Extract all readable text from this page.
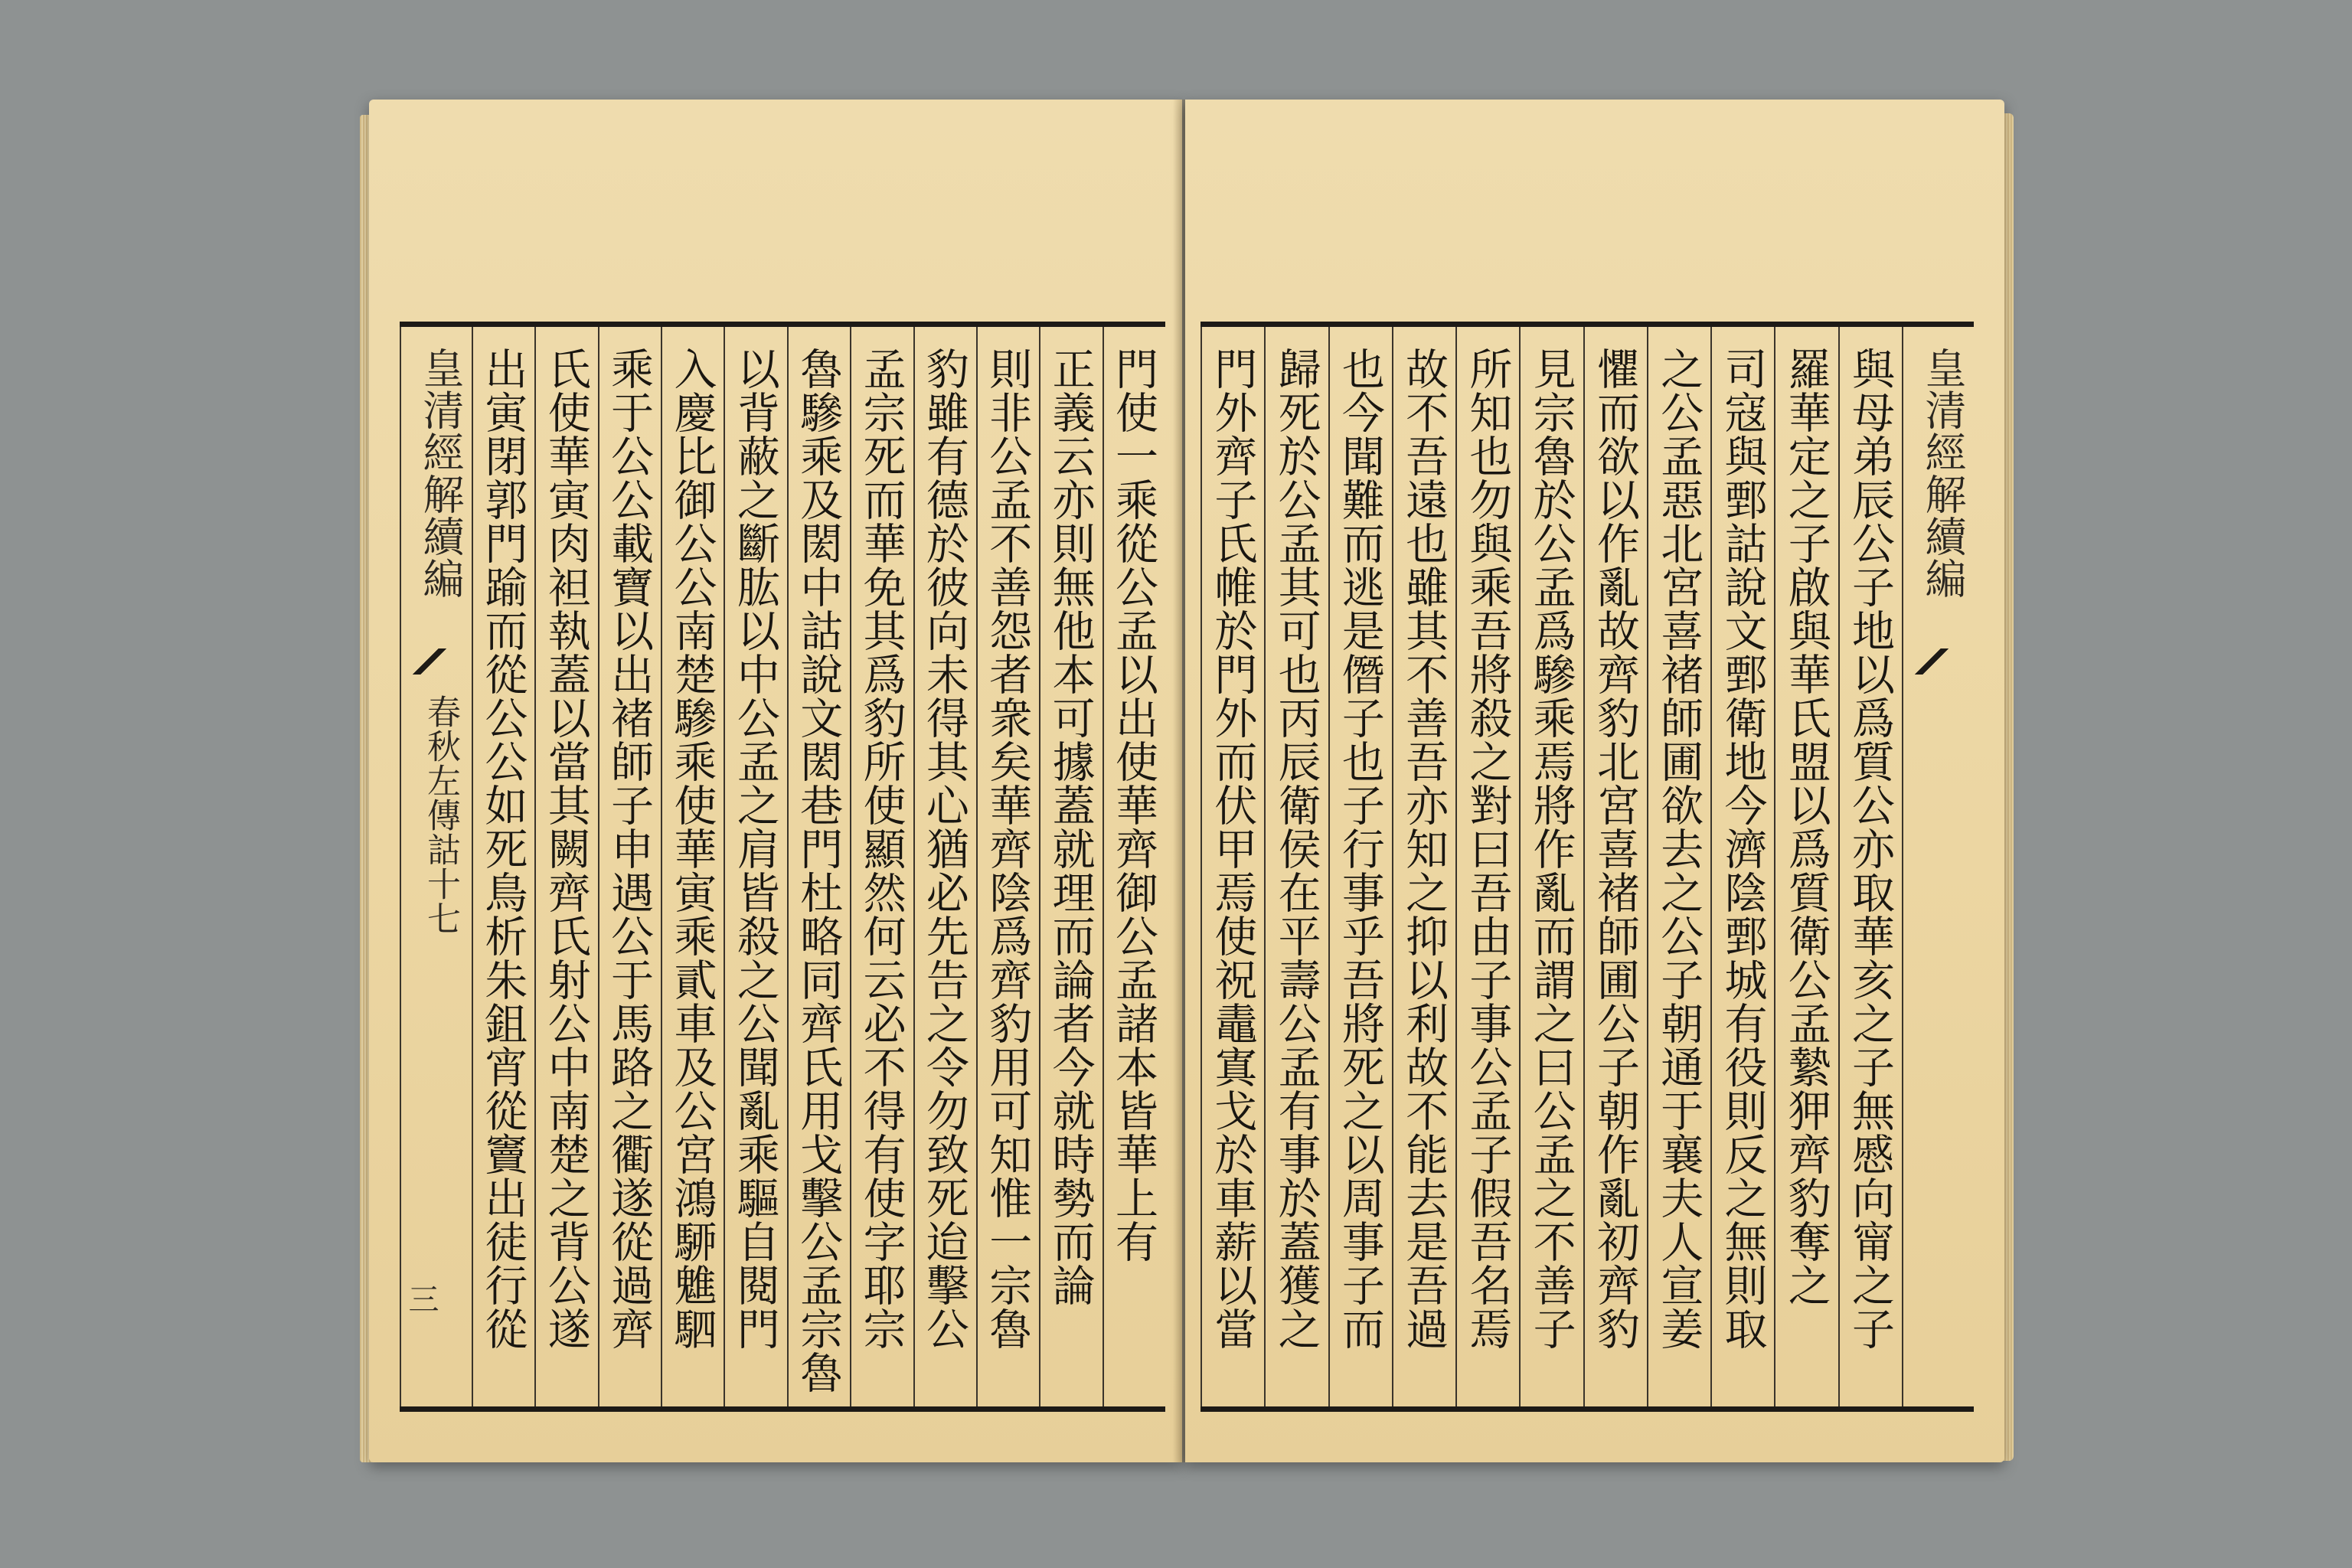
門使一乘從公孟以出使華齊御公孟諸本皆華上有
正義云亦則無他本可據蓋就理而論者今就時勢而論
則非公孟不善怨者衆矣華齊陰爲齊豹用可知惟一宗魯
豹雖有德於彼向未得其心猶必先告之令勿致死迨擊公
孟宗死而華免其爲豹所使顯然何云必不得有使字耶宗
魯驂乘及閎中詁說文閎巷門杜略同齊氏用戈擊公孟宗魯
以背蔽之斷肱以中公孟之肩皆殺之公聞亂乘驅自閱門
入慶比御公公南楚驂乘使華寅乘貳車及公宮鴻駵魋駟
乘于公公載寶以出褚師子申遇公于馬路之衢遂從過齊
氏使華寅肉袒執蓋以當其闕齊氏射公中南楚之背公遂
出寅閉郭門踰而從公公如死鳥析朱鉏宵從竇出徒行從
皇清經解續編
春秋左傳詁十七
三
皇清經解續編
與母弟辰公子地以爲質公亦取華亥之子無慼向甯之子
羅華定之子啟與華氏盟以爲質衛公孟縶狎齊豹奪之
司寇與鄄詁說文鄄衛地今濟陰鄄城有役則反之無則取
之公孟惡北宮喜褚師圃欲去之公子朝通于襄夫人宣姜
懼而欲以作亂故齊豹北宮喜褚師圃公子朝作亂初齊豹
見宗魯於公孟爲驂乘焉將作亂而謂之曰公孟之不善子
所知也勿與乘吾將殺之對曰吾由子事公孟子假吾名焉
故不吾遠也雖其不善吾亦知之抑以利故不能去是吾過
也今聞難而逃是僭子也子行事乎吾將死之以周事子而
歸死於公孟其可也丙辰衛侯在平壽公孟有事於蓋獲之
門外齊子氏帷於門外而伏甲焉使祝鼃寘戈於車薪以當
